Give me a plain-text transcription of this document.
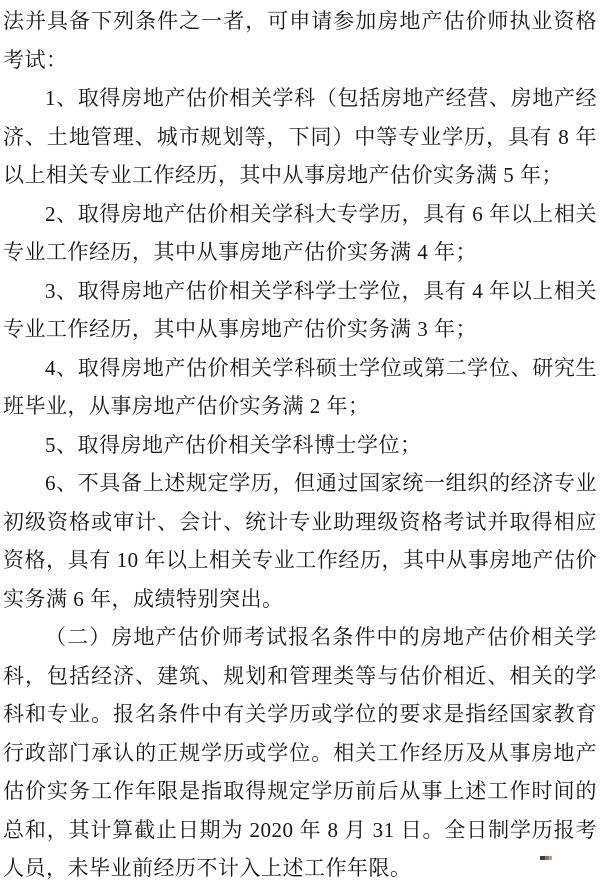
法并具备下列条件之一者，可申请参加房地产估价师执业资格考试：

1、取得房地产估价相关学科（包括房地产经营、房地产经济、土地管理、城市规划等，下同）中等专业学历，具有 8 年以上相关专业工作经历，其中从事房地产估价实务满 5 年；

2、取得房地产估价相关学科大专学历，具有 6 年以上相关专业工作经历，其中从事房地产估价实务满 4 年；

3、取得房地产估价相关学科学士学位，具有 4 年以上相关专业工作经历，其中从事房地产估价实务满 3 年；

4、取得房地产估价相关学科硕士学位或第二学位、研究生班毕业，从事房地产估价实务满 2 年；

5、取得房地产估价相关学科博士学位；

6、不具备上述规定学历，但通过国家统一组织的经济专业初级资格或审计、会计、统计专业助理级资格考试并取得相应资格，具有 10 年以上相关专业工作经历，其中从事房地产估价实务满 6 年，成绩特别突出。

（二）房地产估价师考试报名条件中的房地产估价相关学科，包括经济、建筑、规划和管理类等与估价相近、相关的学科和专业。报名条件中有关学历或学位的要求是指经国家教育行政部门承认的正规学历或学位。相关工作经历及从事房地产估价实务工作年限是指取得规定学历前后从事上述工作时间的总和，其计算截止日期为 2020 年 8 月 31 日。全日制学历报考人员，未毕业前经历不计入上述工作年限。
